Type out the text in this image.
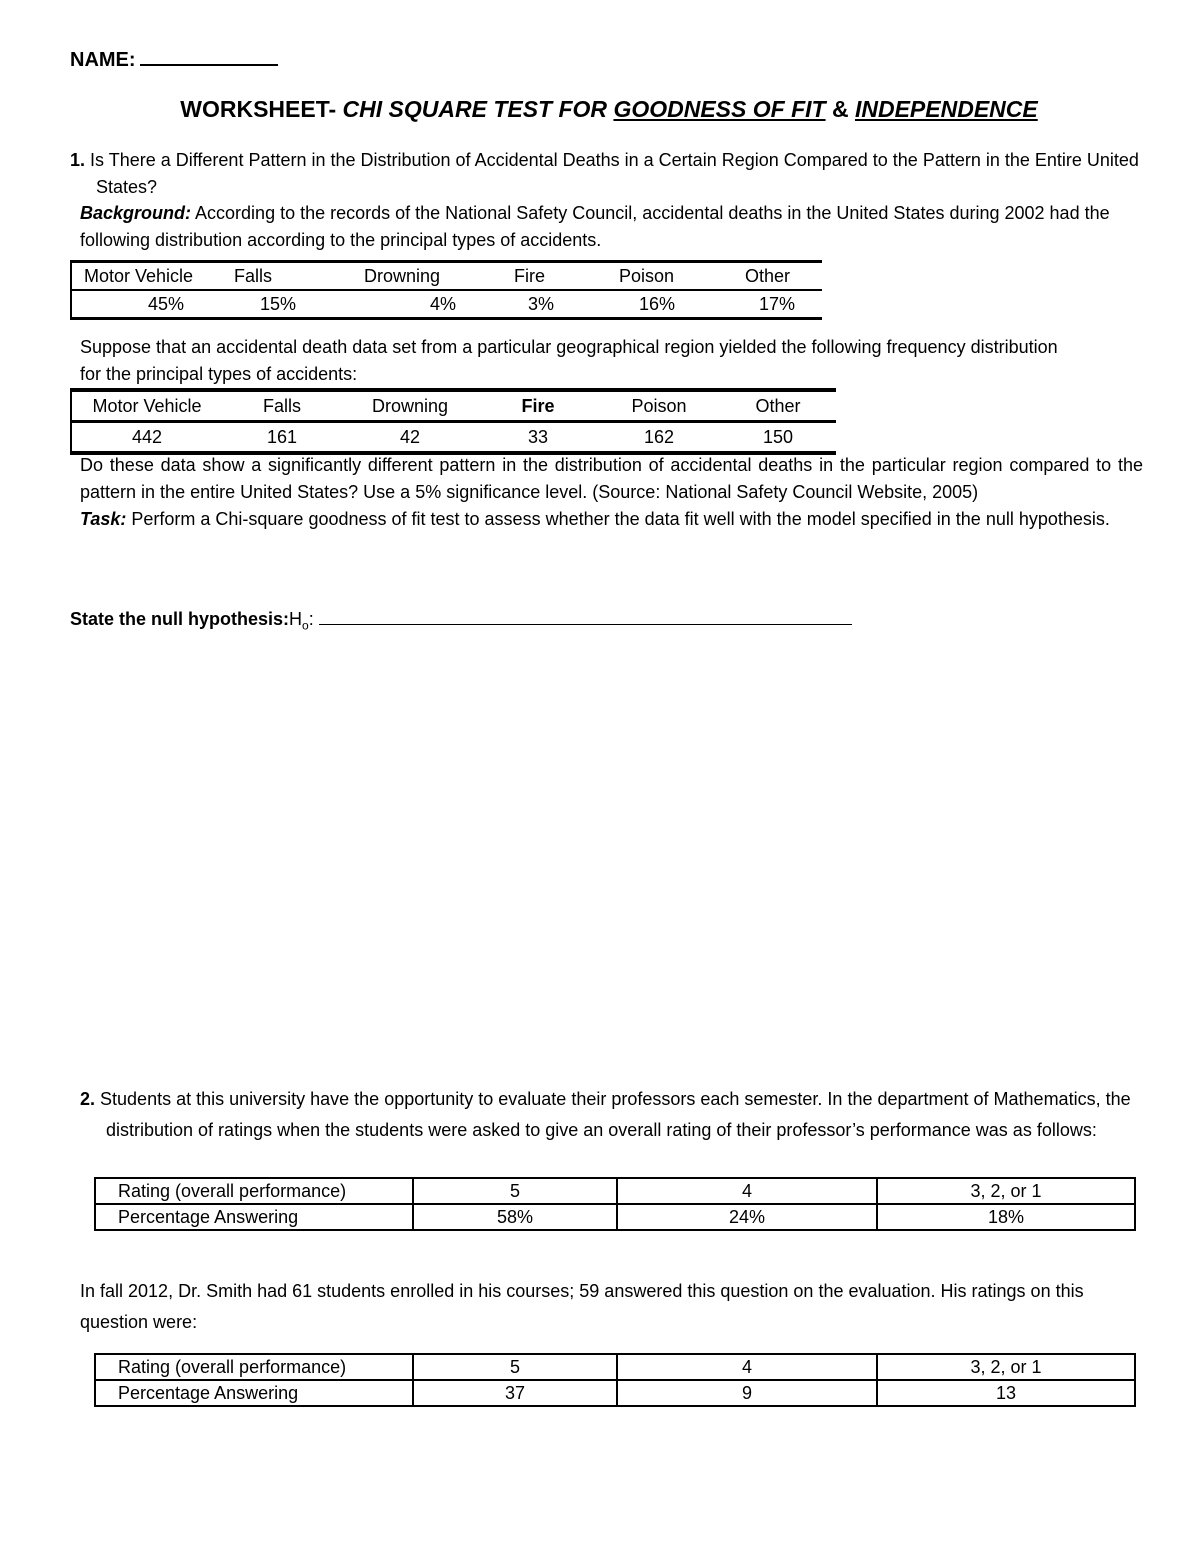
NAME:
WORKSHEET- CHI SQUARE TEST FOR GOODNESS OF FIT & INDEPENDENCE
1. Is There a Different Pattern in the Distribution of Accidental Deaths in a Certain Region Compared to the Pattern in the Entire United States?
Background: According to the records of the National Safety Council, accidental deaths in the United States during 2002 had the following distribution according to the principal types of accidents.
Motor Vehicle	Falls	Drowning	Fire	Poison	Other
45%	15%	4%	3%	16%	17%
Suppose that an accidental death data set from a particular geographical region yielded the following frequency distribution for the principal types of accidents:
Motor Vehicle	Falls	Drowning	Fire	Poison	Other
442	161	42	33	162	150
Do these data show a significantly different pattern in the distribution of accidental deaths in the particular region compared to the pattern in the entire United States? Use a 5% significance level. (Source: National Safety Council Website, 2005)
Task: Perform a Chi-square goodness of fit test to assess whether the data fit well with the model specified in the null hypothesis.
State the null $hypothesis:H_o$:
2. Students at this university have the opportunity to evaluate their professors each semester. In the department of Mathematics, the distribution of ratings when the students were asked to give an overall rating of their professor’s performance was as follows:
Rating (overall performance)	5	4	3, 2, or 1
Percentage Answering	58%	24%	18%
In fall 2012, Dr. Smith had 61 students enrolled in his courses; 59 answered this question on the evaluation. His ratings on this question were:
Rating (overall performance)	5	4	3, 2, or 1
Percentage Answering	37	9	13
